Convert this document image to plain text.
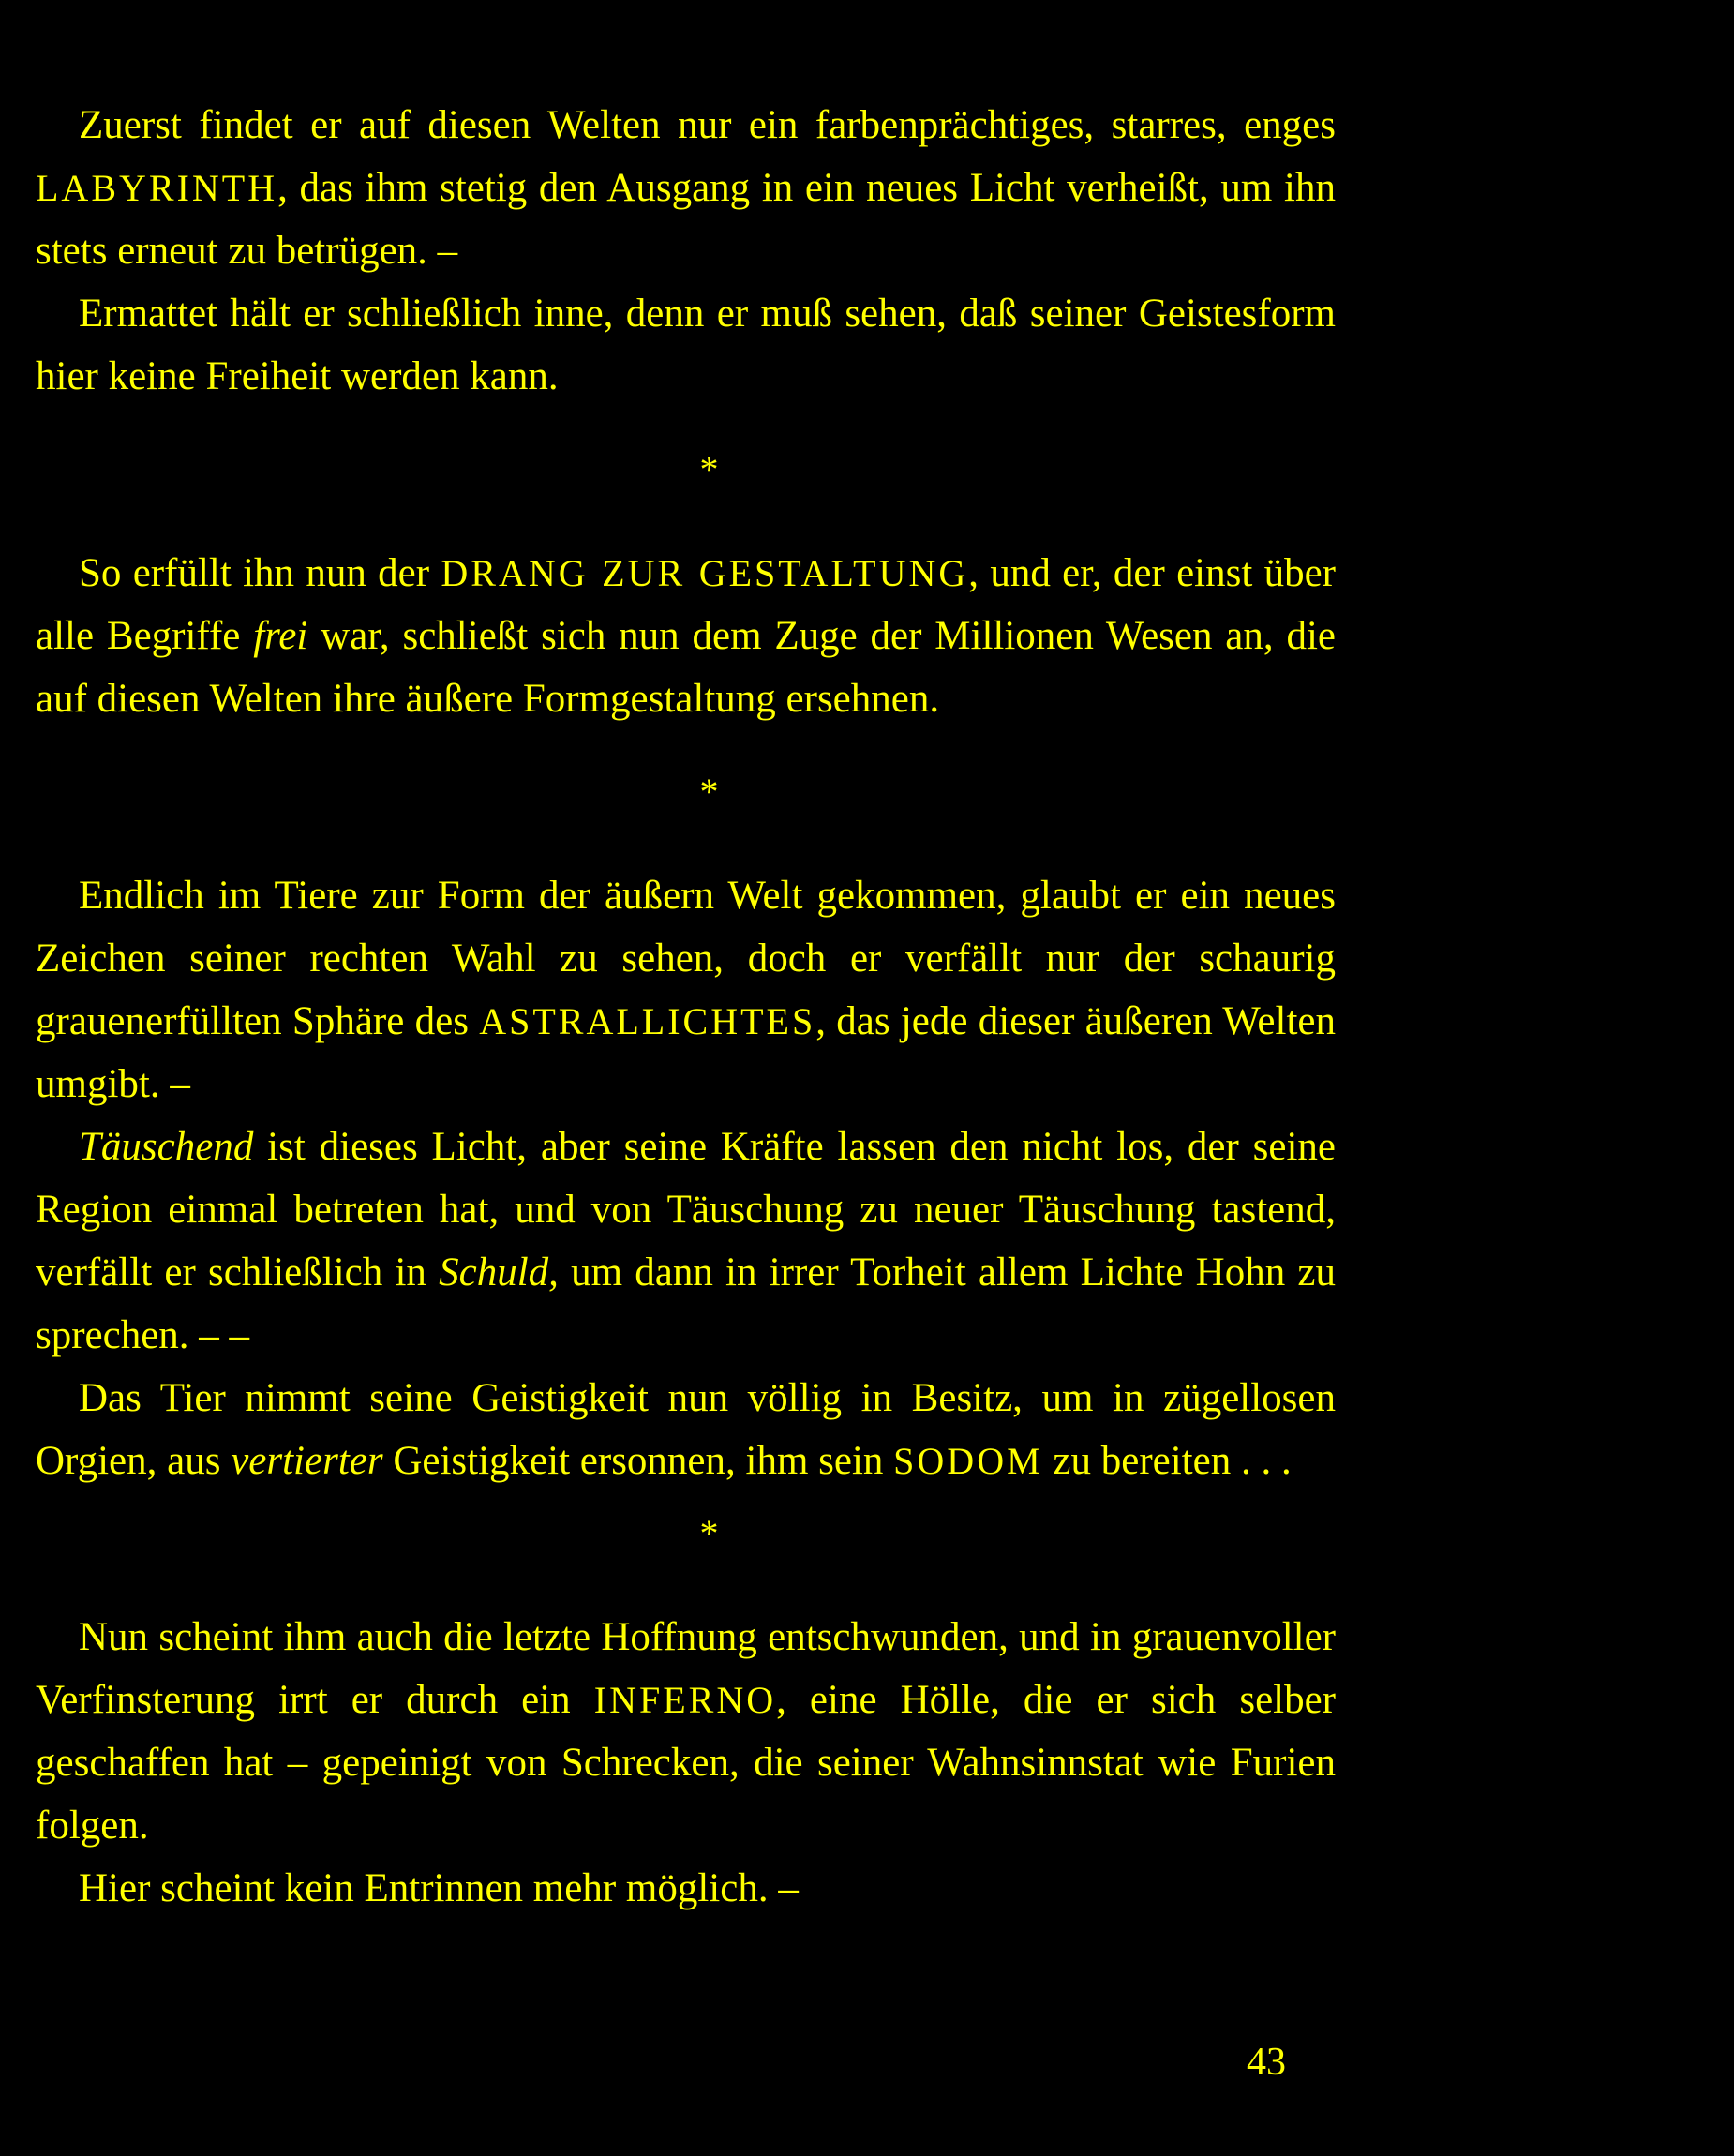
Zuerst findet er auf diesen Welten nur ein farbenprächtiges, starres, enges LABYRINTH, das ihm stetig den Ausgang in ein neues Licht verheißt, um ihn stets erneut zu betrügen. –

Ermattet hält er schließlich inne, denn er muß sehen, daß seiner Geistesform hier keine Freiheit werden kann.

*

So erfüllt ihn nun der DRANG ZUR GESTALTUNG, und er, der einst über alle Begriffe frei war, schließt sich nun dem Zuge der Millionen Wesen an, die auf diesen Welten ihre äußere Formgestaltung ersehnen.

*

Endlich im Tiere zur Form der äußern Welt gekommen, glaubt er ein neues Zeichen seiner rechten Wahl zu sehen, doch er verfällt nur der schaurig grauenerfüllten Sphäre des ASTRALLICHTES, das jede dieser äußeren Welten umgibt. –

Täuschend ist dieses Licht, aber seine Kräfte lassen den nicht los, der seine Region einmal betreten hat, und von Täuschung zu neuer Täuschung tastend, verfällt er schließlich in Schuld, um dann in irrer Torheit allem Lichte Hohn zu sprechen. – –

Das Tier nimmt seine Geistigkeit nun völlig in Besitz, um in zügellosen Orgien, aus vertierter Geistigkeit ersonnen, ihm sein SODOM zu bereiten . . .

*

Nun scheint ihm auch die letzte Hoffnung entschwunden, und in grauenvoller Verfinsterung irrt er durch ein INFERNO, eine Hölle, die er sich selber geschaffen hat – gepeinigt von Schrecken, die seiner Wahnsinnstat wie Furien folgen.

Hier scheint kein Entrinnen mehr möglich. –

43
